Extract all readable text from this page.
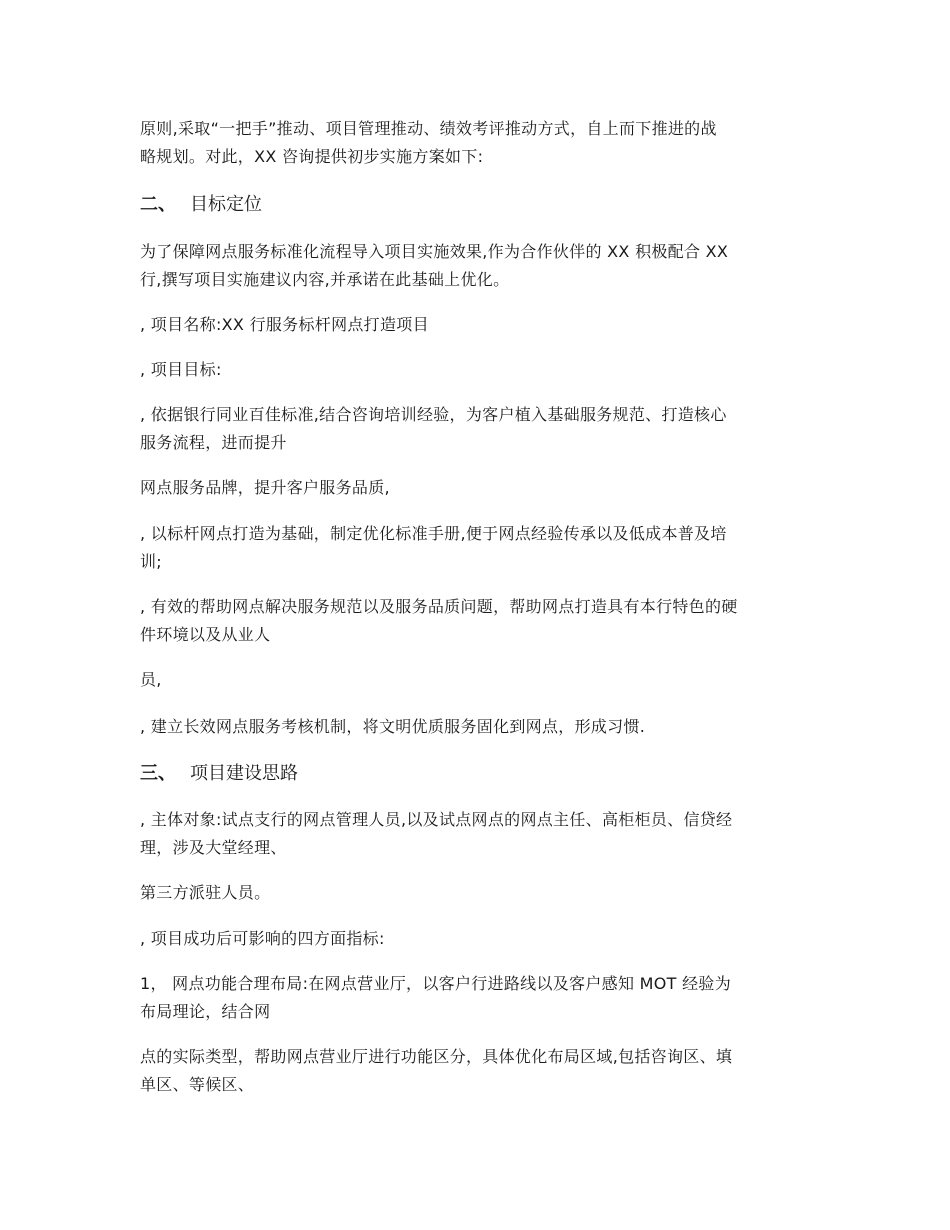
原则,采取“一把手”推动、项目管理推动、绩效考评推动方式，自上而下推进的战
略规划。对此，XX 咨询提供初步实施方案如下:

二、 目标定位

为了保障网点服务标准化流程导入项目实施效果,作为合作伙伴的 XX 积极配合 XX
行,撰写项目实施建议内容,并承诺在此基础上优化。

, 项目名称:XX 行服务标杆网点打造项目

, 项目目标:

, 依据银行同业百佳标准,结合咨询培训经验，为客户植入基础服务规范、打造核心
服务流程，进而提升

网点服务品牌，提升客户服务品质,

, 以标杆网点打造为基础，制定优化标准手册,便于网点经验传承以及低成本普及培
训;

, 有效的帮助网点解决服务规范以及服务品质问题，帮助网点打造具有本行特色的硬
件环境以及从业人

员,

, 建立长效网点服务考核机制，将文明优质服务固化到网点，形成习惯.

三、 项目建设思路

, 主体对象:试点支行的网点管理人员,以及试点网点的网点主任、高柜柜员、信贷经
理，涉及大堂经理、

第三方派驻人员。

, 项目成功后可影响的四方面指标:

1， 网点功能合理布局:在网点营业厅，以客户行进路线以及客户感知 MOT 经验为
布局理论，结合网

点的实际类型，帮助网点营业厅进行功能区分，具体优化布局区域,包括咨询区、填
单区、等候区、
